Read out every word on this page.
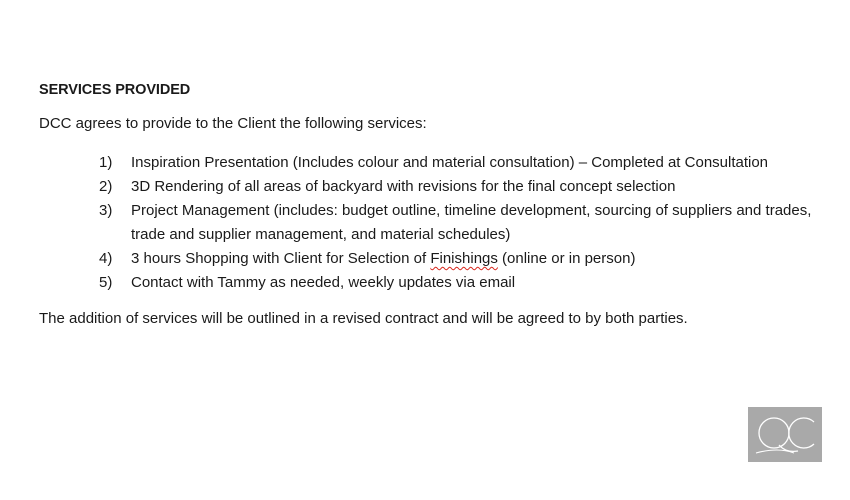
SERVICES PROVIDED

DCC agrees to provide to the Client the following services:

1)	Inspiration Presentation (Includes colour and material consultation) – Completed at Consultation
2)	3D Rendering of all areas of backyard with revisions for the final concept selection
3)	Project Management (includes: budget outline, timeline development, sourcing of suppliers and trades, trade and supplier management, and material schedules)
4)	3 hours Shopping with Client for Selection of Finishings (online or in person)
5)	Contact with Tammy as needed, weekly updates via email

The addition of services will be outlined in a revised contract and will be agreed to by both parties.
